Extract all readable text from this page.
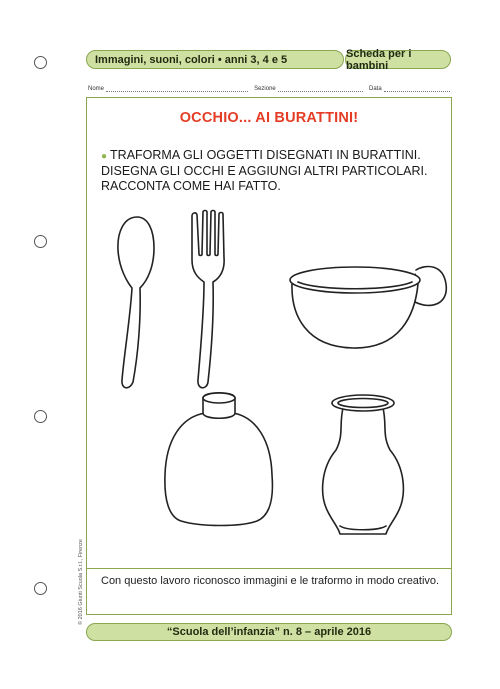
Immagini, suoni, colori • anni 3, 4 e 5	Scheda per i bambini
Nome	Sezione	Data
OCCHIO... AI BURATTINI!

● TRAFORMA GLI OGGETTI DISEGNATI IN BURATTINI.
DISEGNA GLI OCCHI E AGGIUNGI ALTRI PARTICOLARI.
RACCONTA COME HAI FATTO.

Con questo lavoro riconosco immagini e le traformo in modo creativo.

“Scuola dell’infanzia” n. 8 – aprile 2016
© 2016 Giunti Scuola S.r.l., Firenze
